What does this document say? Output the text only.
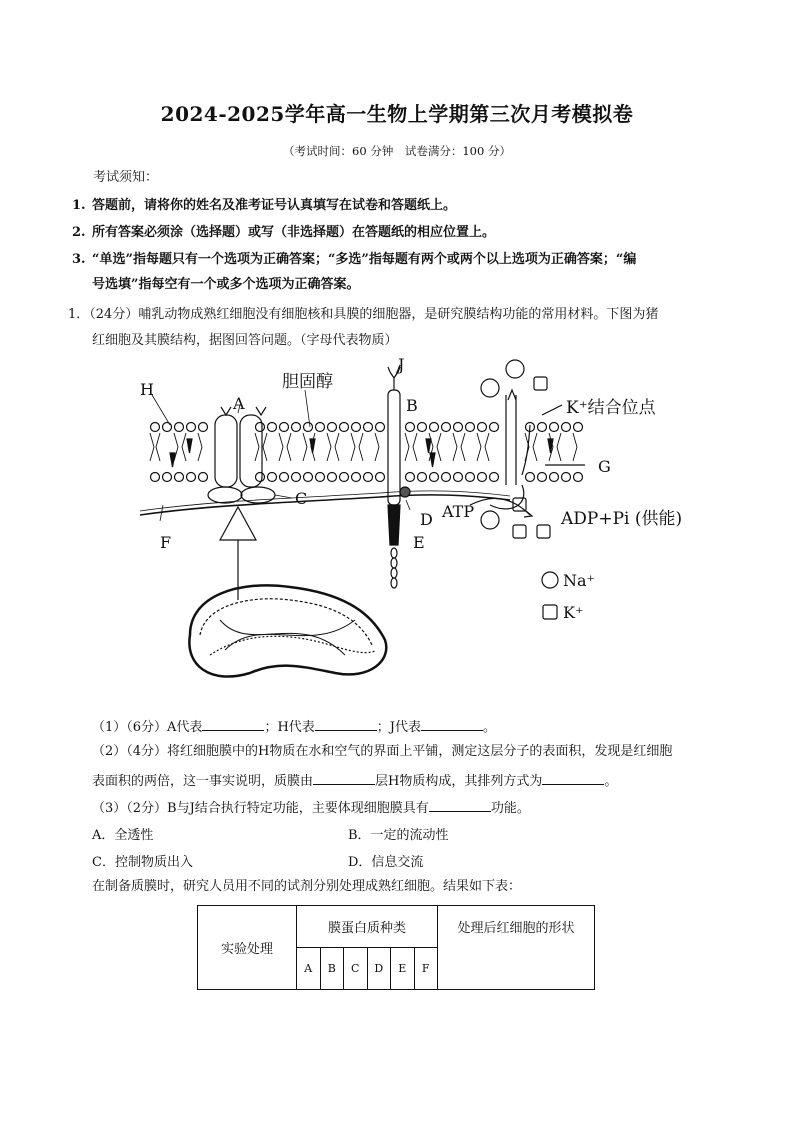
2024-2025学年高一生物上学期第三次月考模拟卷
（考试时间：60 分钟　试卷满分：100 分）
考试须知：
1. 答题前，请将你的姓名及准考证号认真填写在试卷和答题纸上。
2. 所有答案必须涂（选择题）或写（非选择题）在答题纸的相应位置上。
3. “单选”指每题只有一个选项为正确答案；“多选”指每题有两个或两个以上选项为正确答案；“编
号选填”指每空有一个或多个选项为正确答案。
1．（24分）哺乳动物成熟红细胞没有细胞核和具膜的细胞器，是研究膜结构功能的常用材料。下图为猪
红细胞及其膜结构，据图回答问题。（字母代表物质）
H
A
胆固醇
J
B	K⁺结合位点
G
C
F
D
E
ATP	ADP+Pi (供能)
Na⁺
K⁺
（1）（6分）A代表	；H代表	；J代表	。
（2）（4分）将红细胞膜中的H物质在水和空气的界面上平铺，测定这层分子的表面积，发现是红细胞
表面积的两倍，这一事实说明，质膜由	层H物质构成，其排列方式为	。
（3）（2分）B与J结合执行特定功能，主要体现细胞膜具有	功能。
A．全透性	B．一定的流动性
C．控制物质出入	D．信息交流
在制备质膜时，研究人员用不同的试剂分别处理成熟红细胞。结果如下表：
实验处理	膜蛋白质种类						处理后红细胞的形状
	A	B	C	D	E	F	
